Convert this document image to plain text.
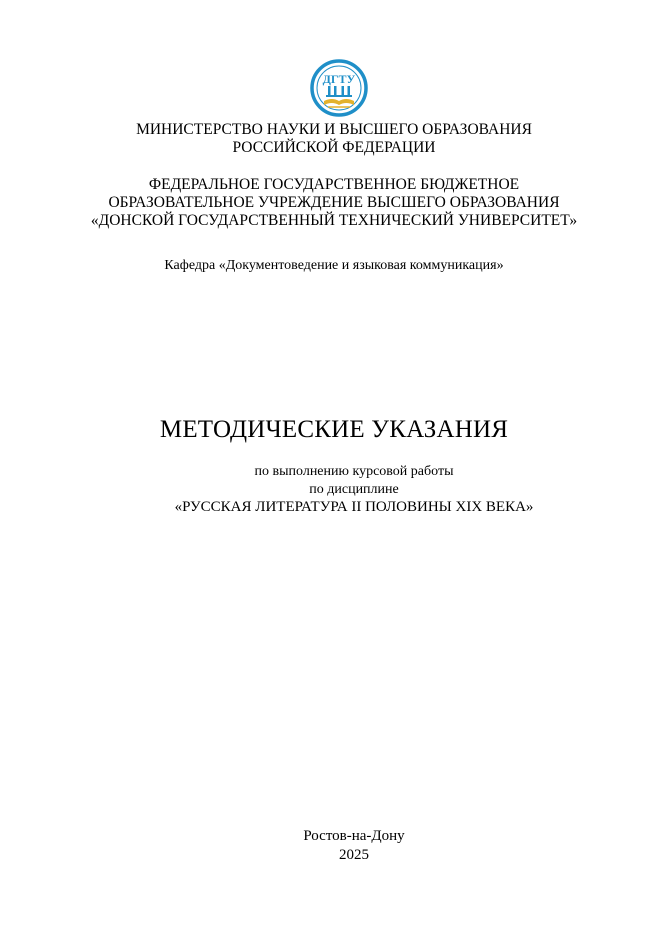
ДГТУ
МИНИСТЕРСТВО НАУКИ И ВЫСШЕГО ОБРАЗОВАНИЯ
РОССИЙСКОЙ ФЕДЕРАЦИИ
ФЕДЕРАЛЬНОЕ ГОСУДАРСТВЕННОЕ БЮДЖЕТНОЕ
ОБРАЗОВАТЕЛЬНОЕ УЧРЕЖДЕНИЕ ВЫСШЕГО ОБРАЗОВАНИЯ
«ДОНСКОЙ ГОСУДАРСТВЕННЫЙ ТЕХНИЧЕСКИЙ УНИВЕРСИТЕТ»
Кафедра «Документоведение и языковая коммуникация»
МЕТОДИЧЕСКИЕ УКАЗАНИЯ
по выполнению курсовой работы
по дисциплине
«РУССКАЯ ЛИТЕРАТУРА II ПОЛОВИНЫ XIX ВЕКА»
Ростов-на-Дону
2025
